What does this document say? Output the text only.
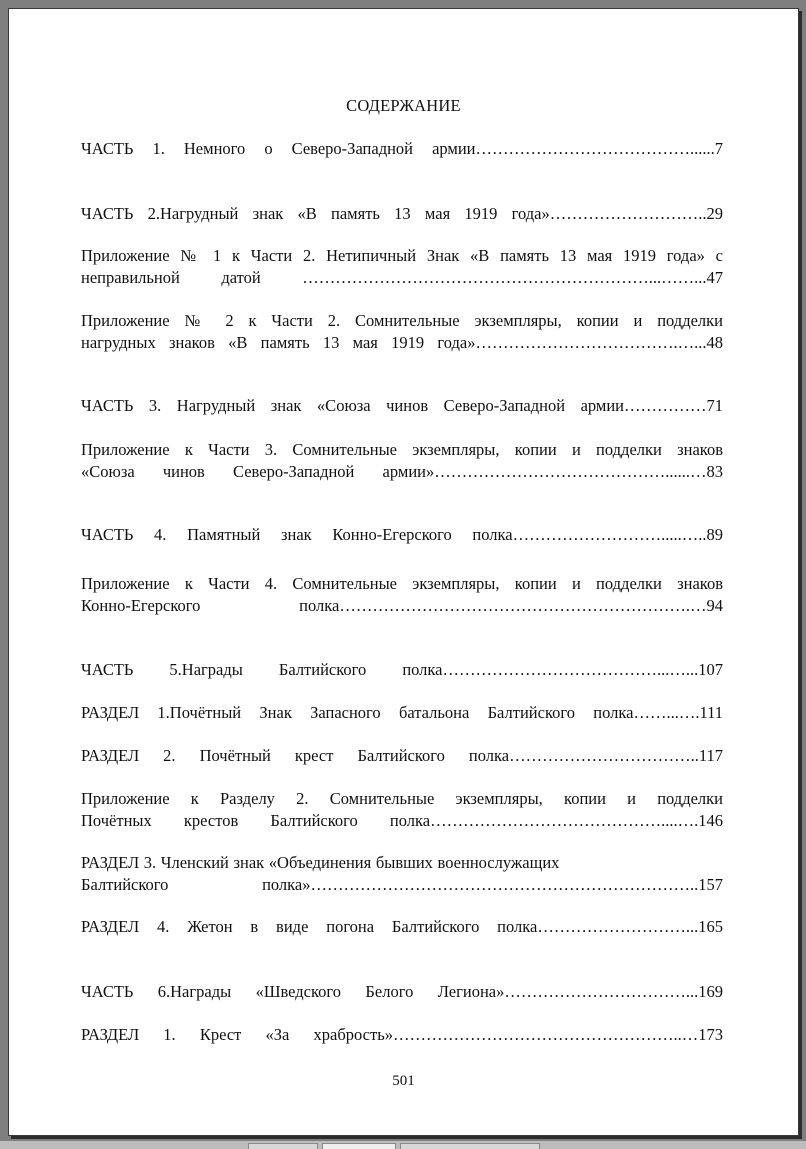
СОДЕРЖАНИЕ
ЧАСТЬ 1. Немного о Северо-Западной армии…………………………………......7
ЧАСТЬ 2.Нагрудный знак «В память 13 мая 1919 года»………………………..29
Приложение № 1 к Части 2. Нетипичный Знак «В память 13 мая 1919 года» с
неправильной датой ………………………………………………………...……...47
Приложение № 2 к Части 2. Сомнительные экземпляры, копии и подделки
нагрудных знаков «В память 13 мая 1919 года»……………………………….…...48
ЧАСТЬ 3. Нагрудный знак «Союза чинов Северо-Западной армии……………71
Приложение к Части 3. Сомнительные экземпляры, копии и подделки знаков
«Союза чинов Северо-Западной армии»……………………………………......…83
ЧАСТЬ 4. Памятный знак Конно-Егерского полка……………………….....…..89
Приложение к Части 4. Сомнительные экземпляры, копии и подделки знаков
Конно-Егерского полка……………………………………………………….…94
ЧАСТЬ 5.Награды Балтийского полка…………………………………...…...107
РАЗДЕЛ 1.Почётный Знак Запасного батальона Балтийского полка……...….111
РАЗДЕЛ 2. Почётный крест Балтийского полка……………………………..117
Приложение к Разделу 2. Сомнительные экземпляры, копии и подделки
Почётных крестов Балтийского полка……………………………………....….146
РАЗДЕЛ 3. Членский знак «Объединения бывших военнослужащих
Балтийского полка»……………………………………………………………..157
РАЗДЕЛ 4. Жетон в виде погона Балтийского полка………………………...165
ЧАСТЬ 6.Награды «Шведского Белого Легиона»……………………………...169
РАЗДЕЛ 1. Крест «За храбрость»……………………………………………..…173
501
